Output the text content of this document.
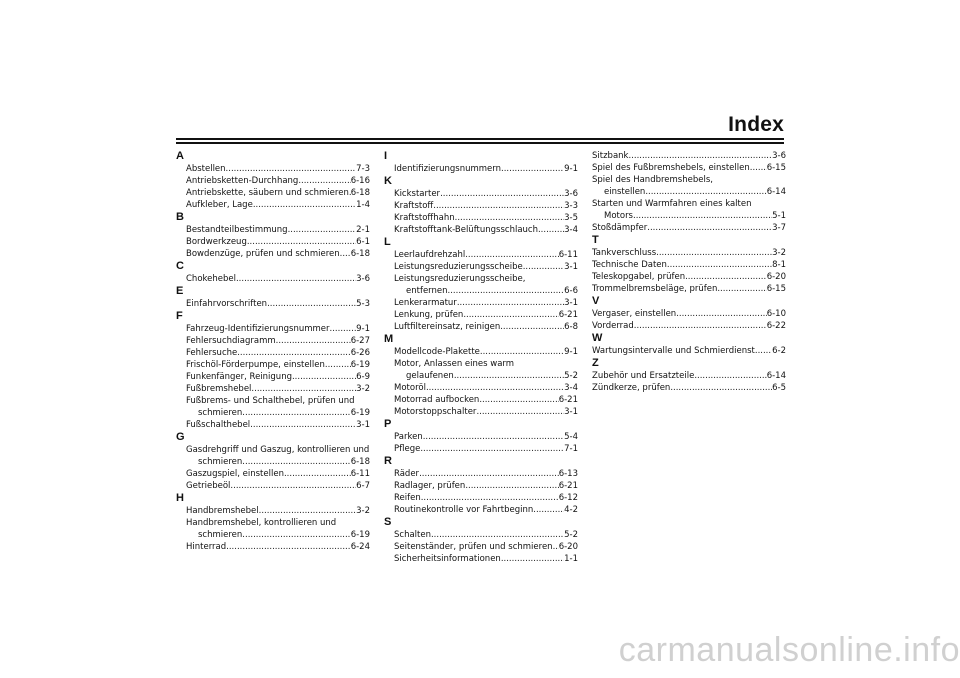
Index
A
Abstellen .....	7-3
Antriebsketten-Durchhang .....	6-16
Antriebskette, säubern und schmieren ..... 6-18
Aufkleber, Lage .....	1-4
B
Bestandteilbestimmung .....	2-1
Bordwerkzeug .....	6-1
Bowdenzüge, prüfen und schmieren ..... 6-18
C
Chokehebel .....	3-6
E
Einfahrvorschriften .....	5-3
F
Fahrzeug-Identifizierungsnummer .....	9-1
Fehlersuchdiagramm .....	6-27
Fehlersuche .....	6-26
Frischöl-Förderpumpe, einstellen .....	6-19
Funkenfänger, Reinigung .....	6-9
Fußbremshebel .....	3-2
Fußbrems- und Schalthebel, prüfen und
schmieren .....	6-19
Fußschalthebel .....	3-1
G
Gasdrehgriff und Gaszug, kontrollieren und
schmieren .....	6-18
Gaszugspiel, einstellen .....	6-11
Getriebeöl .....	6-7
H
Handbremshebel .....	3-2
Handbremshebel, kontrollieren und
schmieren .....	6-19
Hinterrad .....	6-24
I
Identifizierungsnummern .....	9-1
K
Kickstarter .....	3-6
Kraftstoff .....	3-3
Kraftstoffhahn .....	3-5
Kraftstofftank-Belüftungsschlauch .....	3-4
L
Leerlaufdrehzahl .....	6-11
Leistungsreduzierungsscheibe .....	3-1
Leistungsreduzierungsscheibe,
entfernen .....	6-6
Lenkerarmatur .....	3-1
Lenkung, prüfen .....	6-21
Luftfiltereinsatz, reinigen .....	6-8
M
Modellcode-Plakette .....	9-1
Motor, Anlassen eines warm
gelaufenen .....	5-2
Motoröl .....	3-4
Motorrad aufbocken .....	6-21
Motorstoppschalter .....	3-1
P
Parken .....	5-4
Pflege .....	7-1
R
Räder .....	6-13
Radlager, prüfen .....	6-21
Reifen .....	6-12
Routinekontrolle vor Fahrtbeginn .....	4-2
S
Schalten .....	5-2
Seitenständer, prüfen und schmieren ..... 6-20
Sicherheitsinformationen .....	1-1
Sitzbank .....	3-6
Spiel des Fußbremshebels, einstellen ..... 6-15
Spiel des Handbremshebels,
einstellen .....	6-14
Starten und Warmfahren eines kalten
Motors .....	5-1
Stoßdämpfer .....	3-7
T
Tankverschluss .....	3-2
Technische Daten .....	8-1
Teleskopgabel, prüfen .....	6-20
Trommelbremsbeläge, prüfen .....	6-15
V
Vergaser, einstellen .....	6-10
Vorderrad .....	6-22
W
Wartungsintervalle und Schmierdienst ..... 6-2
Z
Zubehör und Ersatzteile .....	6-14
Zündkerze, prüfen .....	6-5
carmanualsonline.info
